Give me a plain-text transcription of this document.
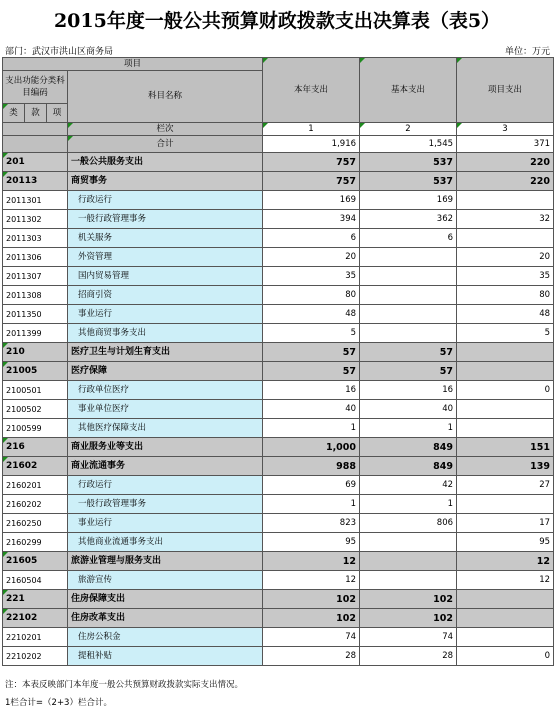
2015年度一般公共预算财政拨款支出决算表（表5）
部门：武汉市洪山区商务局	单位：万元
项目				本年支出	基本支出	项目支出
支出功能分类科目编码			科目名称			
类	款	项				
			栏次	1	2	3
			合计	1,916	1,545	371
201			一般公共服务支出	757	537	220
20113			商贸事务	757	537	220
2011301			行政运行	169	169	
2011302			一般行政管理事务	394	362	32
2011303			机关服务	6	6	
2011306			外资管理	20		20
2011307			国内贸易管理	35		35
2011308			招商引资	80		80
2011350			事业运行	48		48
2011399			其他商贸事务支出	5		5
210			医疗卫生与计划生育支出	57	57	
21005			医疗保障	57	57	
2100501			行政单位医疗	16	16	0
2100502			事业单位医疗	40	40	
2100599			其他医疗保障支出	1	1	
216			商业服务业等支出	1,000	849	151
21602			商业流通事务	988	849	139
2160201			行政运行	69	42	27
2160202			一般行政管理事务	1	1	
2160250			事业运行	823	806	17
2160299			其他商业流通事务支出	95		95
21605			旅游业管理与服务支出	12		12
2160504			旅游宣传	12		12
221			住房保障支出	102	102	
22102			住房改革支出	102	102	
2210201			住房公积金	74	74	
2210202			提租补贴	28	28	0
注：本表反映部门本年度一般公共预算财政拨款实际支出情况。
1栏合计=（2+3）栏合计。
